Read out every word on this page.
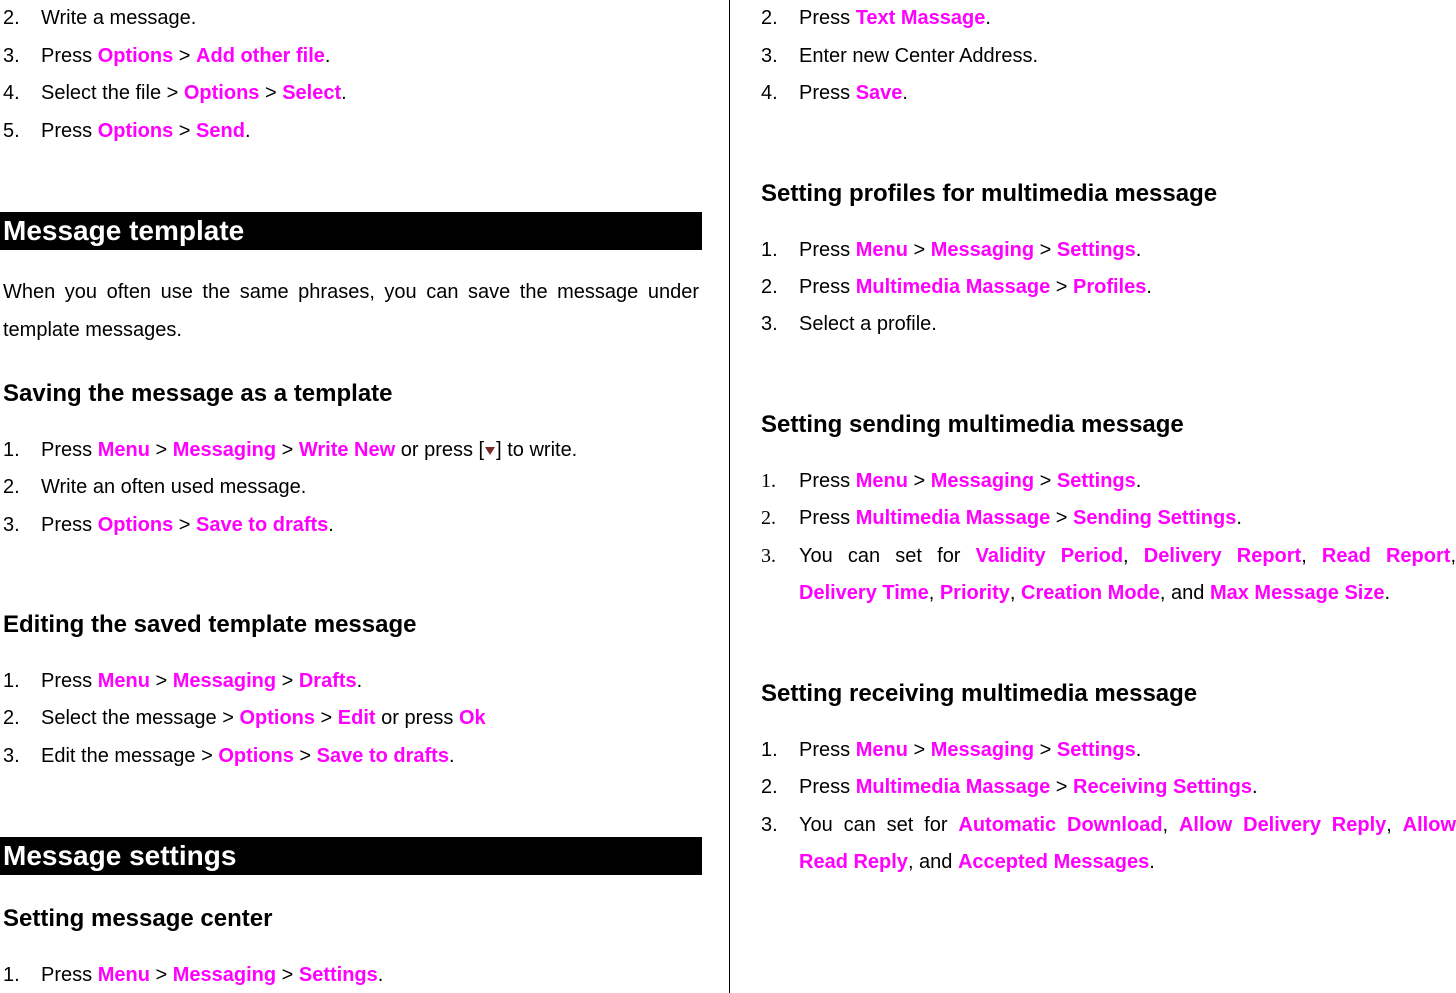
2. Write a message.
3. Press Options > Add other file.
4. Select the file > Options > Select.
5. Press Options > Send.
Message template
When you often use the same phrases, you can save the message under template messages.
Saving the message as a template
1. Press Menu > Messaging > Write New or press [ ] to write.
2. Write an often used message.
3. Press Options > Save to drafts.
Editing the saved template message
1. Press Menu > Messaging > Drafts.
2. Select the message > Options > Edit or press Ok
3. Edit the message > Options > Save to drafts.
Message settings
Setting message center
1. Press Menu > Messaging > Settings.
2. Press Text Massage.
3. Enter new Center Address.
4. Press Save.
Setting profiles for multimedia message
1. Press Menu > Messaging > Settings.
2. Press Multimedia Massage > Profiles.
3. Select a profile.
Setting sending multimedia message
1. Press Menu > Messaging > Settings.
2. Press Multimedia Massage > Sending Settings.
3. You can set for Validity Period, Delivery Report, Read Report,
Delivery Time, Priority, Creation Mode, and Max Message Size.
Setting receiving multimedia message
1. Press Menu > Messaging > Settings.
2. Press Multimedia Massage > Receiving Settings.
3. You can set for Automatic Download, Allow Delivery Reply, Allow
Read Reply, and Accepted Messages.
